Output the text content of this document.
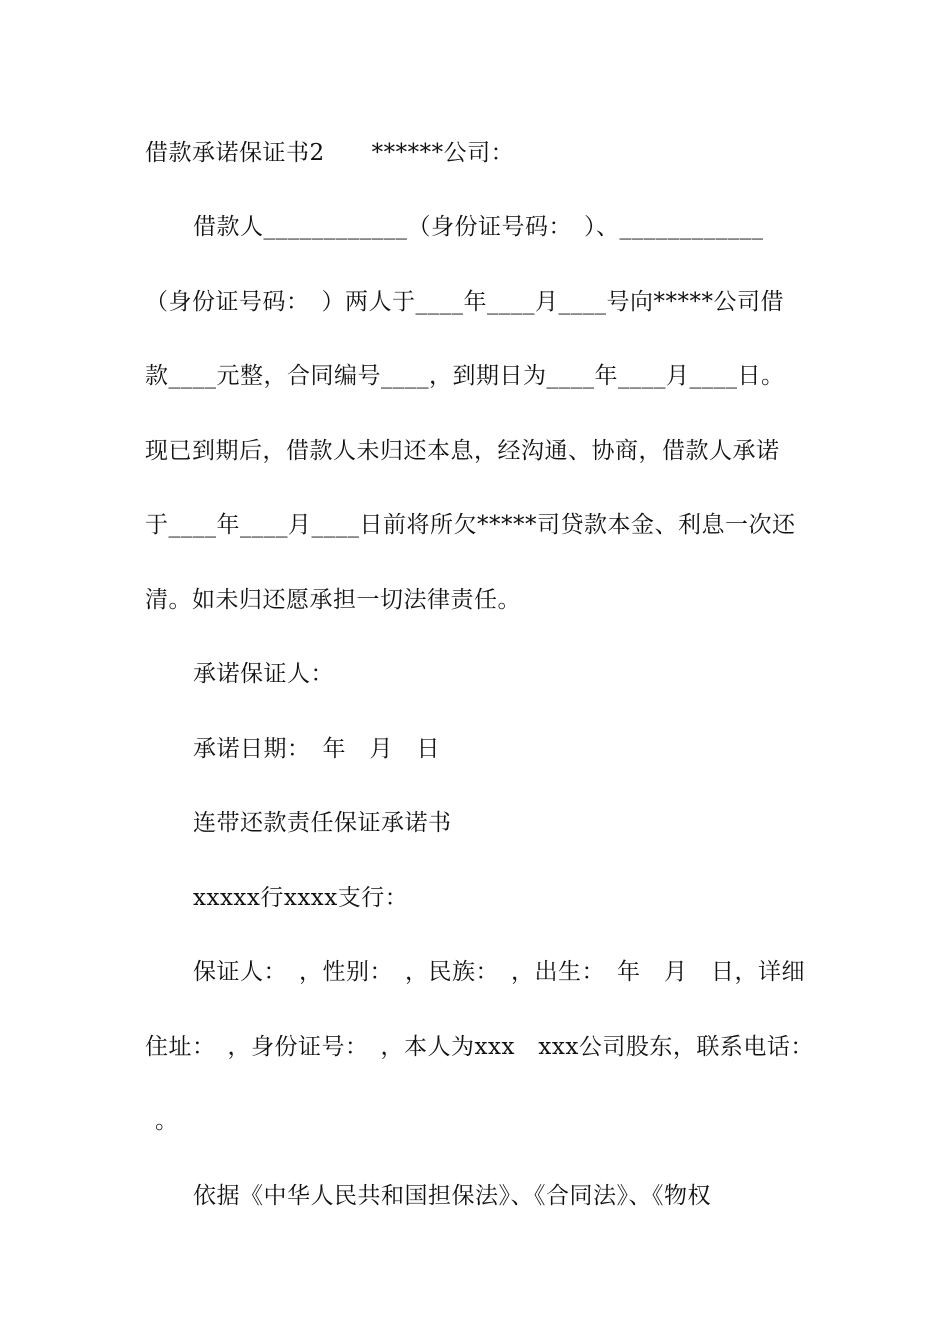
借款承诺保证书2　　******公司：
借款人____________（身份证号码：　）、____________
（身份证号码：　）两人于____年____月____号向*****公司借
款____元整，合同编号____，到期日为____年____月____日。
现已到期后，借款人未归还本息，经沟通、协商，借款人承诺
于____年____月____日前将所欠*****司贷款本金、利息一次还
清。如未归还愿承担一切法律责任。
承诺保证人：
承诺日期：　年　月　日
连带还款责任保证承诺书
xxxxx行xxxx支行：
保证人：　，性别：　，民族：　，出生：　年　月　日，详细
住址：　，身份证号：　，本人为xxx　xxx公司股东，联系电话：
。
依据《中华人民共和国担保法》、《合同法》、《物权
